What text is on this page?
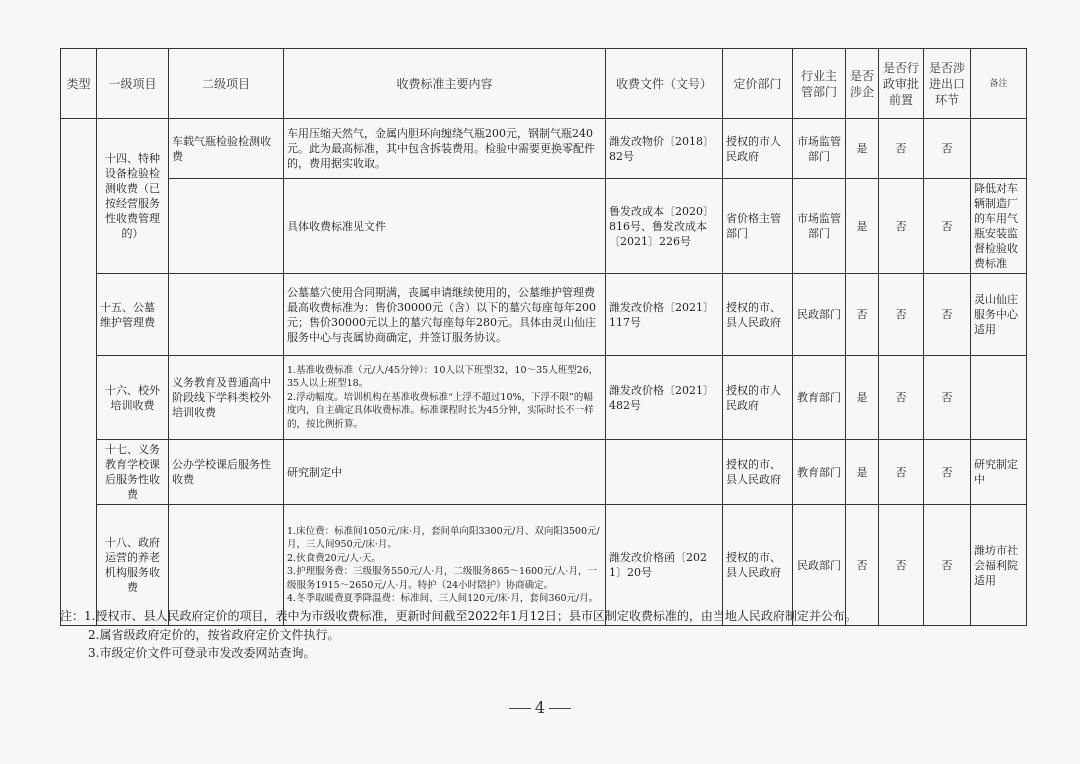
类型	一级项目	二级项目	收费标准主要内容	收费文件（文号）	定价部门	行业主管部门	是否涉企	是否行政审批前置	是否涉进出口环节	备注
	十四、特种设备检验检测收费（已按经营服务性收费管理的）	车载气瓶检验检测收费	车用压缩天然气，金属内胆环向缠绕气瓶200元，钢制气瓶240元。此为最高标准，其中包含拆装费用。检验中需要更换零配件的，费用据实收取。	潍发改物价〔2018〕82号	授权的市人民政府	市场监管部门	是	否	否	
			具体收费标准见文件	鲁发改成本〔2020〕816号、鲁发改成本〔2021〕226号	省价格主管部门	市场监管部门	是	否	否	降低对车辆制造厂的车用气瓶安装监督检验收费标准
	十五、公墓维护管理费		公墓墓穴使用合同期满，丧属申请继续使用的，公墓维护管理费最高收费标准为：售价30000元（含）以下的墓穴每座每年200元；售价30000元以上的墓穴每座每年280元。具体由灵山仙庄服务中心与丧属协商确定，并签订服务协议。	潍发改价格〔2021〕117号	授权的市、县人民政府	民政部门	否	否	否	灵山仙庄服务中心适用
	十六、校外培训收费	义务教育及普通高中阶段线下学科类校外培训收费	1.基准收费标准（元/人/45分钟）：10人以下班型32，10～35人班型26，35人以上班型18。
2.浮动幅度。培训机构在基准收费标准“上浮不超过10%，下浮不限”的幅度内，自主确定具体收费标准。标准课程时长为45分钟，实际时长不一样的，按比例折算。	潍发改价格〔2021〕482号	授权的市人民政府	教育部门	是	否	否	
	十七、义务教育学校课后服务性收费	公办学校课后服务性收费	研究制定中		授权的市、县人民政府	教育部门	是	否	否	研究制定中
	十八、政府运营的养老机构服务收费		1.床位费：标准间1050元/床·月，套间单向阳3300元/月、双向阳3500元/月，三人间950元/床·月。
2.伙食费20元/人·天。
3.护理服务费：三级服务550元/人·月，二级服务865～1600元/人·月，一级服务1915～2650元/人·月。特护（24小时陪护）协商确定。
4.冬季取暖费夏季降温费：标准间、三人间120元/床·月，套间360元/月。	潍发改价格函〔2021〕20号	授权的市、县人民政府	民政部门	否	否	否	潍坊市社会福利院适用
注：1.授权市、县人民政府定价的项目，表中为市级收费标准，更新时间截至2022年1月12日；县市区制定收费标准的，由当地人民政府制定并公布。
2.属省级政府定价的，按省政府定价文件执行。
3.市级定价文件可登录市发改委网站查询。
4
